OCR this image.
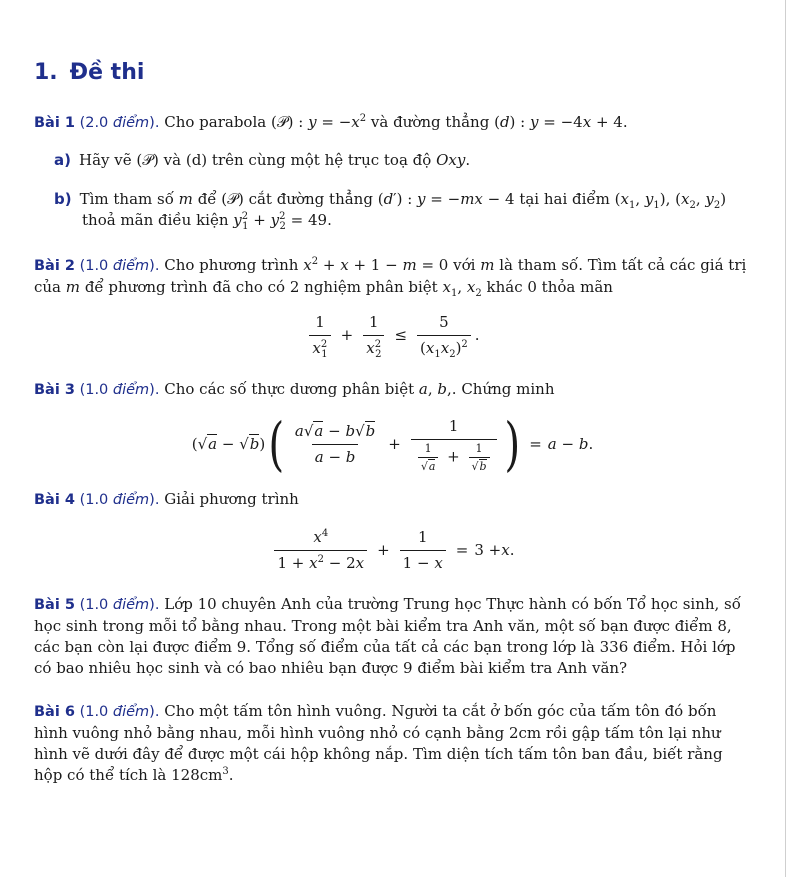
1. Đề thi

Bài 1 (2.0 điểm). Cho parabola (𝒫) : $y = -x^2$ và đường thẳng (d) : y = −4x + 4.

a) Hãy vẽ (𝒫) và (d) trên cùng một hệ trục toạ độ Oxy.

b) Tìm tham số m để (𝒫) cắt đường thẳng (d′) : y = −mx − 4 tại hai điểm ($x_1$, $y_1$), ($x_2$, $y_2$)
thoả mãn điều kiện $y^2_1 + y^2_2 = 49$.

Bài 2 (1.0 điểm). Cho phương trình $x^2 + x + 1 - m = 0$ với m là tham số. Tìm tất cả các giá trị của m để phương trình đã cho có 2 nghiệm phân biệt $x_1$, $x_2$ khác 0 thỏa mãn

$\frac{1}{x^2_1} + \frac{1}{x^2_2} \le \frac{5}{(x_1x_2)^2}$ .

Bài 3 (1.0 điểm). Cho các số thực dương phân biệt a, b,. Chứng minh

(√a − √b) ( $\frac{a√a - b√b}{a - b} + \frac{1}{\frac{1}{√a} + \frac{1}{√b}}$ ) = a − b .

Bài 4 (1.0 điểm). Giải phương trình

$\frac{x^4}{1 + x^2 - 2x} + \frac{1}{1 - x} = 3 + x$ .

Bài 5 (1.0 điểm). Lớp 10 chuyên Anh của trường Trung học Thực hành có bốn Tổ học sinh, số học sinh trong mỗi tổ bằng nhau. Trong một bài kiểm tra Anh văn, một số bạn được điểm 8, các bạn còn lại được điểm 9. Tổng số điểm của tất cả các bạn trong lớp là 336 điểm. Hỏi lớp có bao nhiêu học sinh và có bao nhiêu bạn được 9 điểm bài kiểm tra Anh văn?

Bài 6 (1.0 điểm). Cho một tấm tôn hình vuông. Người ta cắt ở bốn góc của tấm tôn đó bốn hình vuông nhỏ bằng nhau, mỗi hình vuông nhỏ có cạnh bằng 2cm rồi gập tấm tôn lại như hình vẽ dưới đây để được một cái hộp không nắp. Tìm diện tích tấm tôn ban đầu, biết rằng hộp có thể tích là $128cm^3$.
